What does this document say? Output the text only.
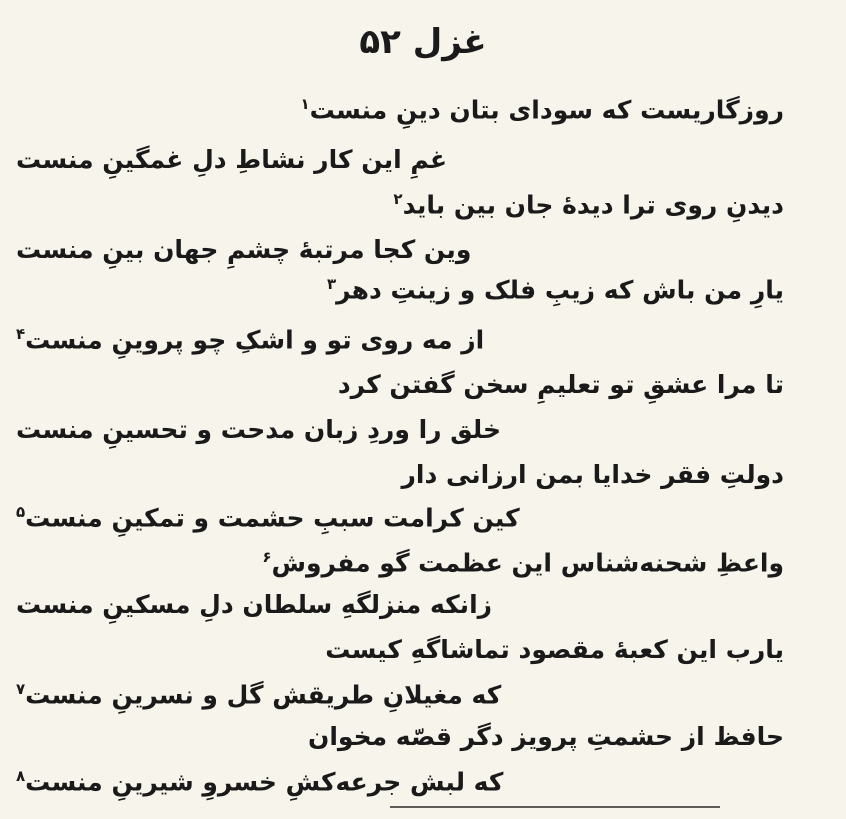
غزل ۵۲
روزگاریست که سودای بتان دینِ منست$^۱$
غمِ این کار نشاطِ دلِ غمگینِ منست
دیدنِ روی ترا دیدهٔ جان بین باید$^۲$
وین کجا مرتبهٔ چشمِ جهان بینِ منست
یارِ من باش که زیبِ فلک و زینتِ دهر$^۳$
از مه روی تو و اشکِ چو پروینِ منست$^۴$
تا مرا عشقِ تو تعلیمِ سخن گفتن کرد
خلق را وردِ زبان مدحت و تحسینِ منست
دولتِ فقر خدایا بمن ارزانی دار
کین کرامت سببِ حشمت و تمکینِ منست$^۵$
واعظِ شحنه‌شناس این عظمت گو مفروش$^۶$
زانکه منزلگهِ سلطان دلِ مسکینِ منست
یارب این کعبهٔ مقصود تماشاگهِ کیست
که مغیلانِ طریقش گل و نسرینِ منست$^۷$
حافظ از حشمتِ پرویز دگر قصّه مخوان
که لبش جرعه‌کشِ خسروِ شیرینِ منست$^۸$
